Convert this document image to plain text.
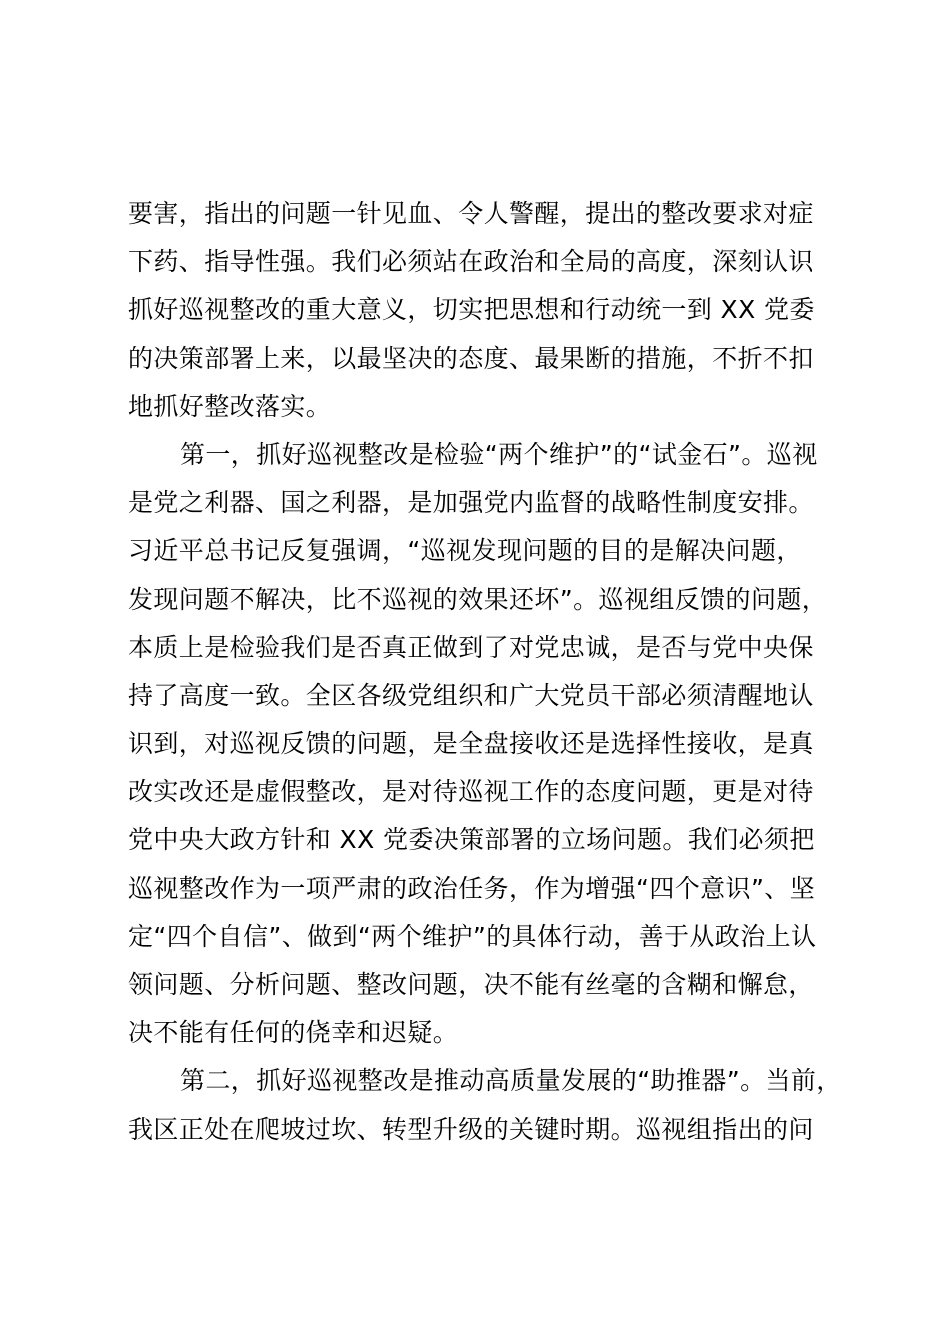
要害，指出的问题一针见血、令人警醒，提出的整改要求对症
下药、指导性强。我们必须站在政治和全局的高度，深刻认识
抓好巡视整改的重大意义，切实把思想和行动统一到 XX 党委
的决策部署上来，以最坚决的态度、最果断的措施，不折不扣
地抓好整改落实。
第一，抓好巡视整改是检验“两个维护”的“试金石”。巡视
是党之利器、国之利器，是加强党内监督的战略性制度安排。
习近平总书记反复强调，“巡视发现问题的目的是解决问题，
发现问题不解决，比不巡视的效果还坏”。巡视组反馈的问题，
本质上是检验我们是否真正做到了对党忠诚，是否与党中央保
持了高度一致。全区各级党组织和广大党员干部必须清醒地认
识到，对巡视反馈的问题，是全盘接收还是选择性接收，是真
改实改还是虚假整改，是对待巡视工作的态度问题，更是对待
党中央大政方针和 XX 党委决策部署的立场问题。我们必须把
巡视整改作为一项严肃的政治任务，作为增强“四个意识”、坚
定“四个自信”、做到“两个维护”的具体行动，善于从政治上认
领问题、分析问题、整改问题，决不能有丝毫的含糊和懈怠，
决不能有任何的侥幸和迟疑。
第二，抓好巡视整改是推动高质量发展的“助推器”。当前，
我区正处在爬坡过坎、转型升级的关键时期。巡视组指出的问
